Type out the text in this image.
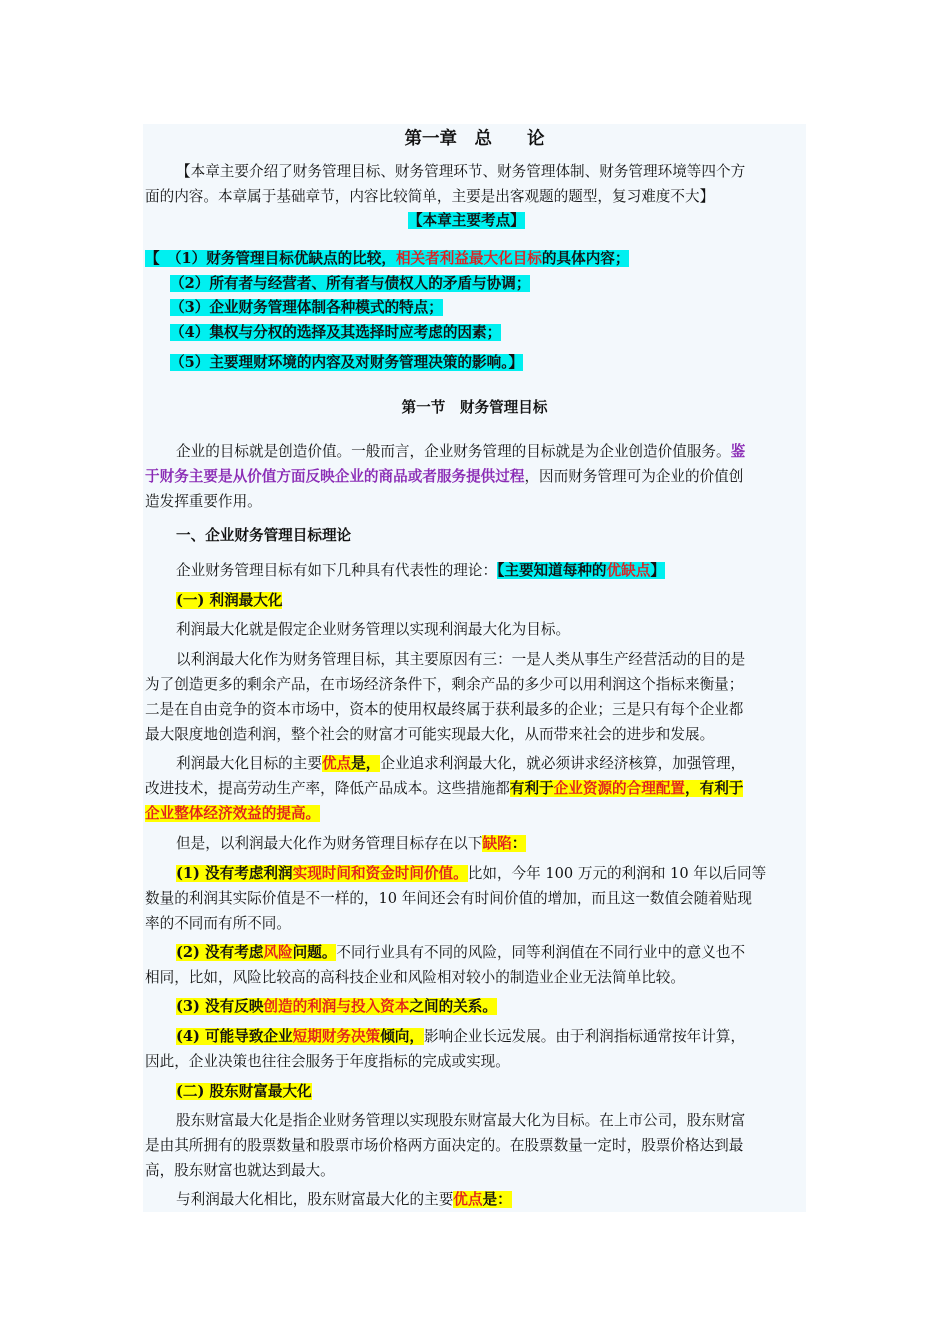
第一章　总　　论
【本章主要介绍了财务管理目标、财务管理环节、财务管理体制、财务管理环境等四个方
面的内容。本章属于基础章节，内容比较简单，主要是出客观题的题型，复习难度不大】
【本章主要考点】
【　（1）财务管理目标优缺点的比较，相关者利益最大化目标的具体内容；
（2）所有者与经营者、所有者与债权人的矛盾与协调；
（3）企业财务管理体制各种模式的特点；
（4）集权与分权的选择及其选择时应考虑的因素；
（5）主要理财环境的内容及对财务管理决策的影响。】
第一节　财务管理目标
企业的目标就是创造价值。一般而言，企业财务管理的目标就是为企业创造价值服务。鉴
于财务主要是从价值方面反映企业的商品或者服务提供过程，因而财务管理可为企业的价值创
造发挥重要作用。
一、企业财务管理目标理论
企业财务管理目标有如下几种具有代表性的理论：【主要知道每种的优缺点】
(一) 利润最大化
利润最大化就是假定企业财务管理以实现利润最大化为目标。
以利润最大化作为财务管理目标，其主要原因有三：一是人类从事生产经营活动的目的是
为了创造更多的剩余产品，在市场经济条件下，剩余产品的多少可以用利润这个指标来衡量；
二是在自由竞争的资本市场中，资本的使用权最终属于获利最多的企业；三是只有每个企业都
最大限度地创造利润，整个社会的财富才可能实现最大化，从而带来社会的进步和发展。
利润最大化目标的主要优点是，企业追求利润最大化，就必须讲求经济核算，加强管理，
改进技术，提高劳动生产率，降低产品成本。这些措施都有利于企业资源的合理配置，有利于
企业整体经济效益的提高。
但是，以利润最大化作为财务管理目标存在以下缺陷：
(1) 没有考虑利润实现时间和资金时间价值。比如，今年 100 万元的利润和 10 年以后同等
数量的利润其实际价值是不一样的，10 年间还会有时间价值的增加，而且这一数值会随着贴现
率的不同而有所不同。
(2) 没有考虑风险问题。不同行业具有不同的风险，同等利润值在不同行业中的意义也不
相同，比如，风险比较高的高科技企业和风险相对较小的制造业企业无法简单比较。
(3) 没有反映创造的利润与投入资本之间的关系。
(4) 可能导致企业短期财务决策倾向，影响企业长远发展。由于利润指标通常按年计算，
因此，企业决策也往往会服务于年度指标的完成或实现。
(二) 股东财富最大化
股东财富最大化是指企业财务管理以实现股东财富最大化为目标。在上市公司，股东财富
是由其所拥有的股票数量和股票市场价格两方面决定的。在股票数量一定时，股票价格达到最
高，股东财富也就达到最大。
与利润最大化相比，股东财富最大化的主要优点是：
